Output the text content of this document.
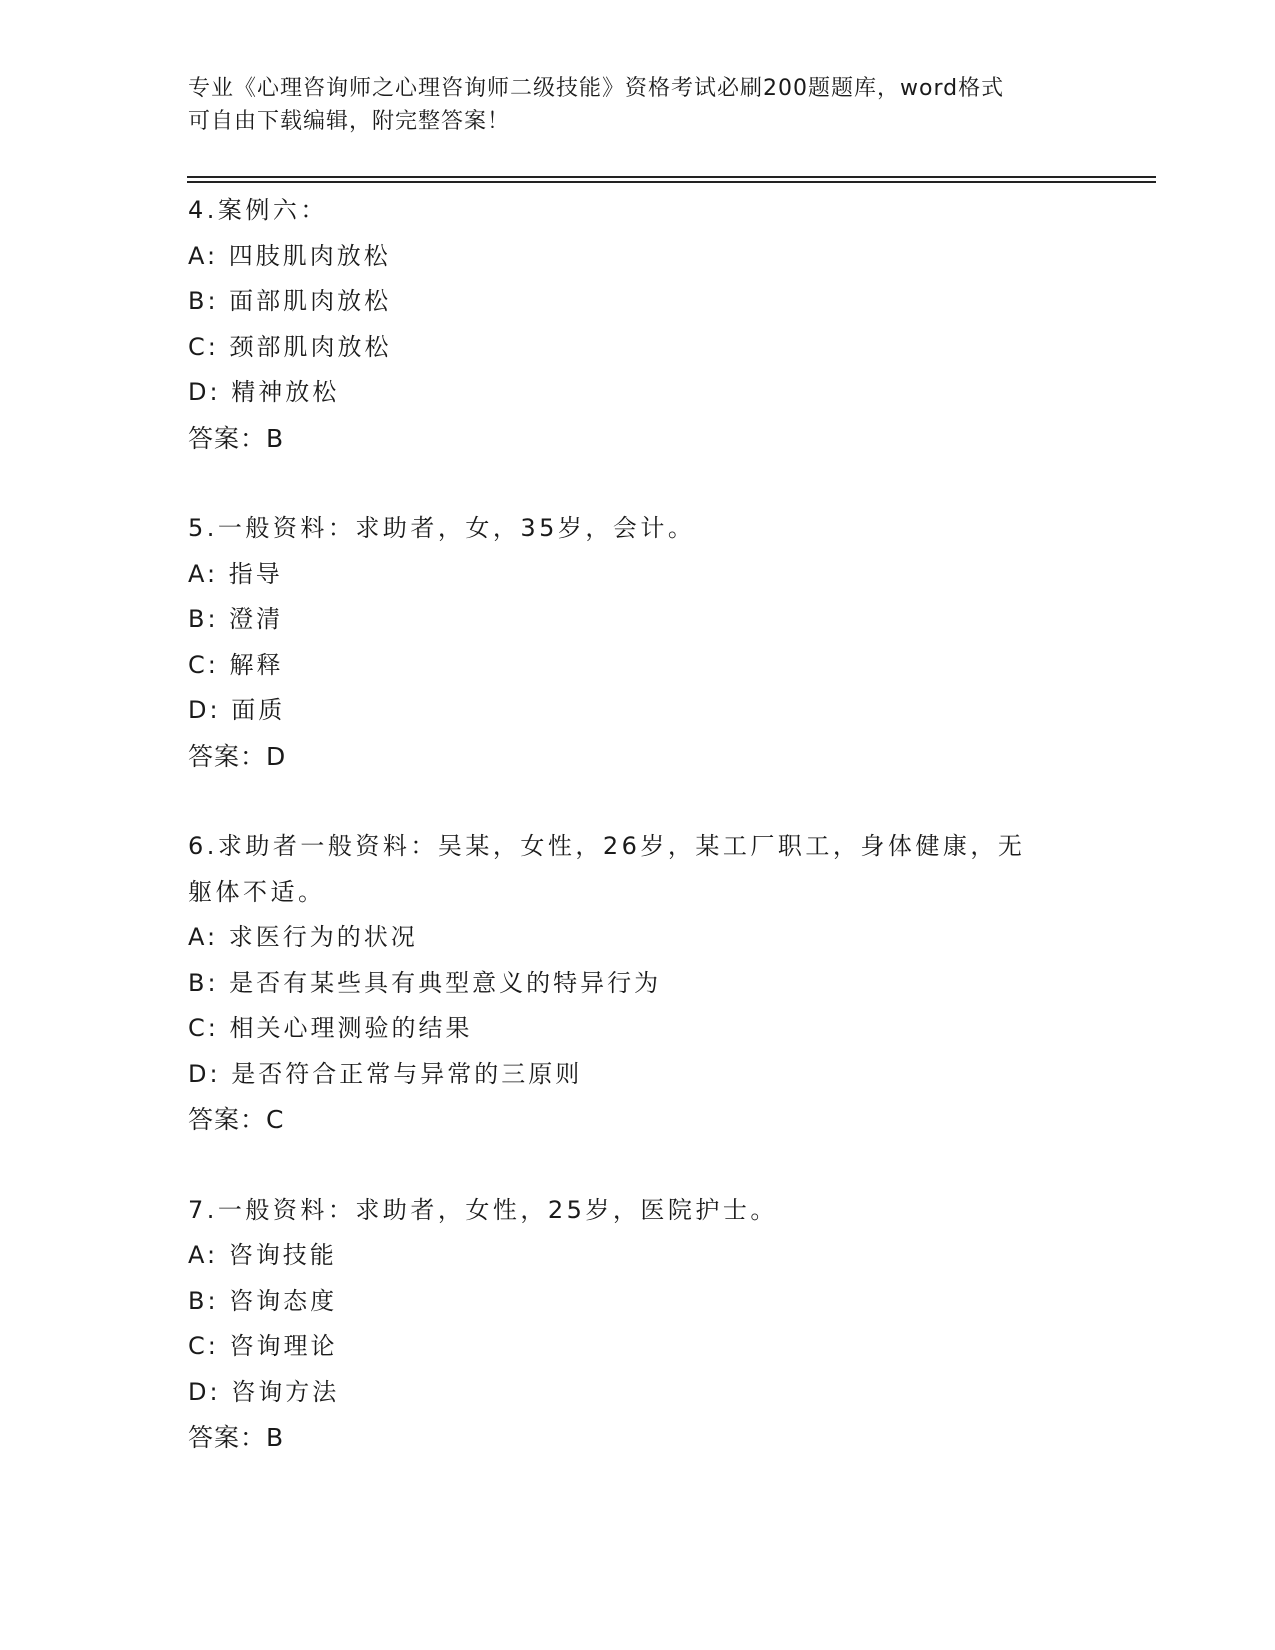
专业《心理咨询师之心理咨询师二级技能》资格考试必刷200题题库，word格式
可自由下载编辑，附完整答案！
4.案例六：
A: 四肢肌肉放松
B: 面部肌肉放松
C: 颈部肌肉放松
D: 精神放松
答案：B
5.一般资料：求助者，女，35岁，会计。
A: 指导
B: 澄清
C: 解释
D: 面质
答案：D
6.求助者一般资料：吴某，女性，26岁，某工厂职工，身体健康，无
躯体不适。
A: 求医行为的状况
B: 是否有某些具有典型意义的特异行为
C: 相关心理测验的结果
D: 是否符合正常与异常的三原则
答案：C
7.一般资料：求助者，女性，25岁，医院护士。
A: 咨询技能
B: 咨询态度
C: 咨询理论
D: 咨询方法
答案：B
